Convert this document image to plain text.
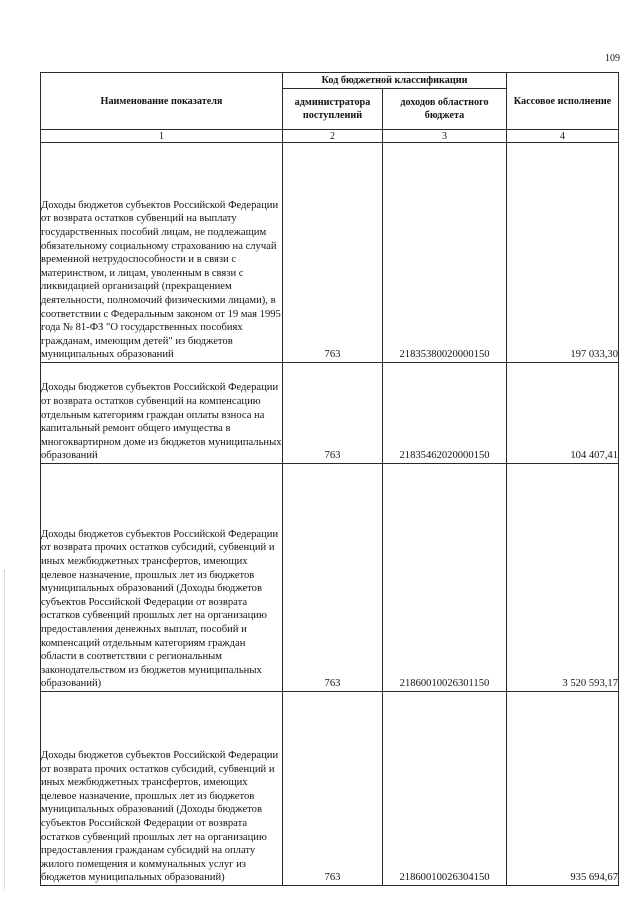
109
Наименование показателя	Код бюджетной классификации		Кассовое исполнение
	администратора поступлений	доходов областного бюджета	
1	2	3	4
Доходы бюджетов субъектов Российской Федерации от возврата остатков субвенций на выплату государственных пособий лицам, не подлежащим обязательному социальному страхованию на случай временной нетрудоспособности и в связи с материнством, и лицам, уволенным в связи с ликвидацией организаций (прекращением деятельности, полномочий физическими лицами), в соответствии с Федеральным законом от 19 мая 1995 года № 81-ФЗ "О государственных пособиях гражданам, имеющим детей" из бюджетов муниципальных образований	763	21835380020000150	197 033,30
Доходы бюджетов субъектов Российской Федерации от возврата остатков субвенций на компенсацию отдельным категориям граждан оплаты взноса на капитальный ремонт общего имущества в многоквартирном доме из бюджетов муниципальных образований	763	21835462020000150	104 407,41
Доходы бюджетов субъектов Российской Федерации от возврата прочих остатков субсидий, субвенций и иных межбюджетных трансфертов, имеющих целевое назначение, прошлых лет из бюджетов муниципальных образований (Доходы бюджетов субъектов Российской Федерации от возврата остатков субвенций прошлых лет на организацию предоставления денежных выплат, пособий и компенсаций отдельным категориям граждан области в соответствии с региональным законодательством из бюджетов муниципальных образований)	763	21860010026301150	3 520 593,17
Доходы бюджетов субъектов Российской Федерации от возврата прочих остатков субсидий, субвенций и иных межбюджетных трансфертов, имеющих целевое назначение, прошлых лет из бюджетов муниципальных образований (Доходы бюджетов субъектов Российской Федерации от возврата остатков субвенций прошлых лет на организацию предоставления гражданам субсидий на оплату жилого помещения и коммунальных услуг из бюджетов муниципальных образований)	763	21860010026304150	935 694,67
